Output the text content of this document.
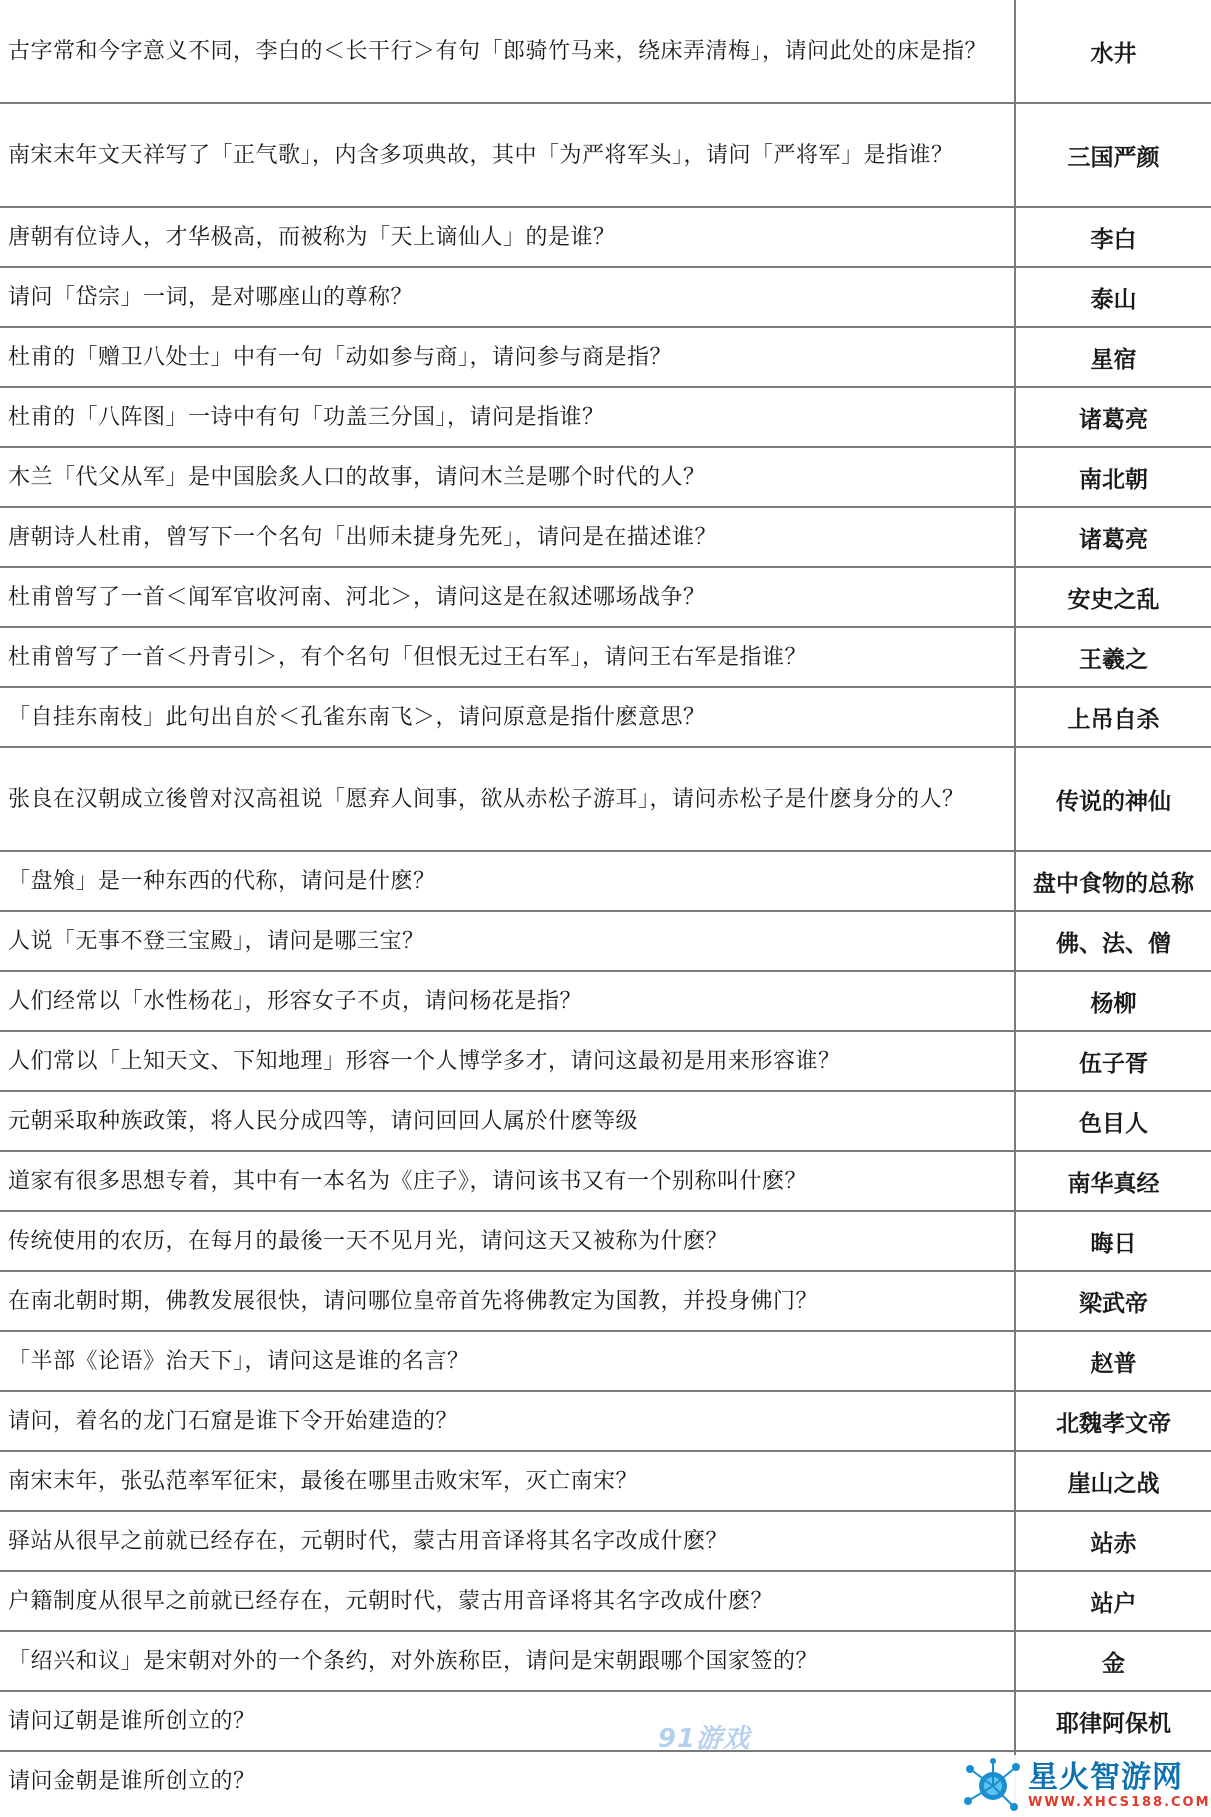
古字常和今字意义不同，李白的＜长干行＞有句「郎骑竹马来，绕床弄清梅」，请问此处的床是指？	水井
南宋末年文天祥写了「正气歌」，内含多项典故，其中「为严将军头」，请问「严将军」是指谁？	三国严颜
唐朝有位诗人，才华极高，而被称为「天上谪仙人」的是谁？	李白
请问「岱宗」一词，是对哪座山的尊称？	泰山
杜甫的「赠卫八处士」中有一句「动如参与商」，请问参与商是指？	星宿
杜甫的「八阵图」一诗中有句「功盖三分国」，请问是指谁？	诸葛亮
木兰「代父从军」是中国脍炙人口的故事，请问木兰是哪个时代的人？	南北朝
唐朝诗人杜甫，曾写下一个名句「出师未捷身先死」，请问是在描述谁？	诸葛亮
杜甫曾写了一首＜闻军官收河南、河北＞，请问这是在叙述哪场战争？	安史之乱
杜甫曾写了一首＜丹青引＞，有个名句「但恨无过王右军」，请问王右军是指谁？	王羲之
「自挂东南枝」此句出自於＜孔雀东南飞＞，请问原意是指什麽意思？	上吊自杀
张良在汉朝成立後曾对汉高祖说「愿弃人间事，欲从赤松子游耳」，请问赤松子是什麽身分的人？	传说的神仙
「盘飧」是一种东西的代称，请问是什麽？	盘中食物的总称
人说「无事不登三宝殿」，请问是哪三宝？	佛、法、僧
人们经常以「水性杨花」，形容女子不贞，请问杨花是指？	杨柳
人们常以「上知天文、下知地理」形容一个人博学多才，请问这最初是用来形容谁？	伍子胥
元朝采取种族政策，将人民分成四等，请问回回人属於什麽等级	色目人
道家有很多思想专着，其中有一本名为《庄子》，请问该书又有一个别称叫什麽？	南华真经
传统使用的农历，在每月的最後一天不见月光，请问这天又被称为什麽？	晦日
在南北朝时期，佛教发展很快，请问哪位皇帝首先将佛教定为国教，并投身佛门？	梁武帝
「半部《论语》治天下」，请问这是谁的名言？	赵普
请问，着名的龙门石窟是谁下令开始建造的？	北魏孝文帝
南宋末年，张弘范率军征宋，最後在哪里击败宋军，灭亡南宋？	崖山之战
驿站从很早之前就已经存在，元朝时代，蒙古用音译将其名字改成什麽？	站赤
户籍制度从很早之前就已经存在，元朝时代，蒙古用音译将其名字改成什麽？	站户
「绍兴和议」是宋朝对外的一个条约，对外族称臣，请问是宋朝跟哪个国家签的？	金
请问辽朝是谁所创立的？	耶律阿保机
请问金朝是谁所创立的？	
91游戏
星火智游网
WWW.XHCS188.COM
